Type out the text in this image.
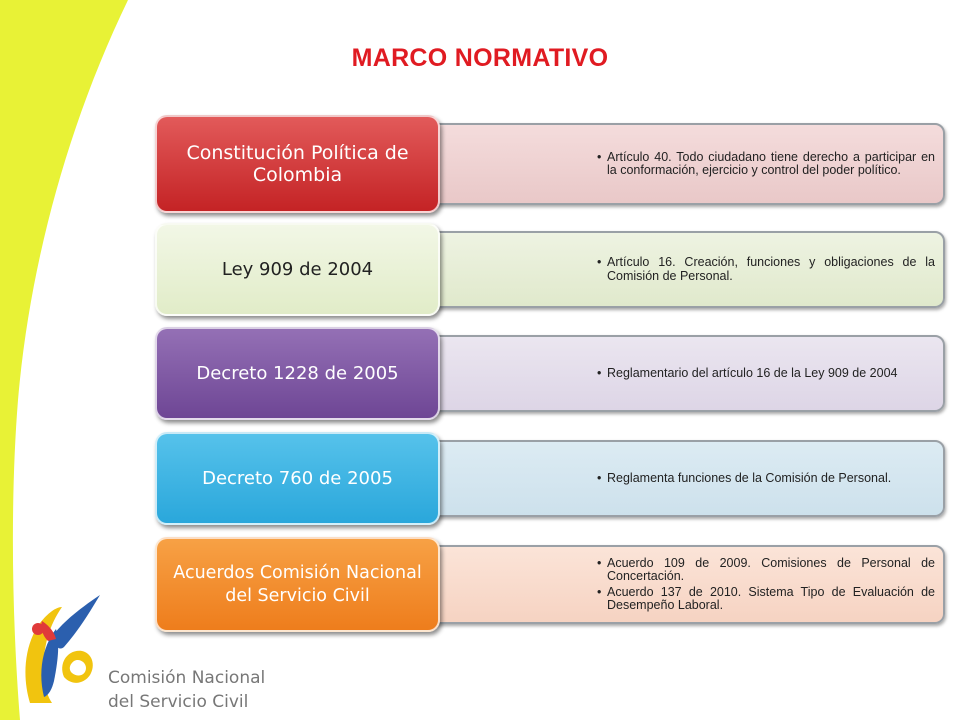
MARCO NORMATIVO
• Artículo 40. Todo ciudadano tiene derecho a participar en la conformación, ejercicio y control del poder político.
Constitución Política de Colombia
• Artículo 16. Creación, funciones y obligaciones de la Comisión de Personal.
Ley 909 de 2004
• Reglamentario del artículo 16 de la Ley 909 de 2004
Decreto 1228 de 2005
• Reglamenta funciones de la Comisión de Personal.
Decreto 760 de 2005
• Acuerdo 109 de 2009. Comisiones de Personal de Concertación.
• Acuerdo 137 de 2010. Sistema Tipo de Evaluación de Desempeño Laboral.
Acuerdos Comisión Nacional del Servicio Civil
Comisión Nacional
del Servicio Civil
